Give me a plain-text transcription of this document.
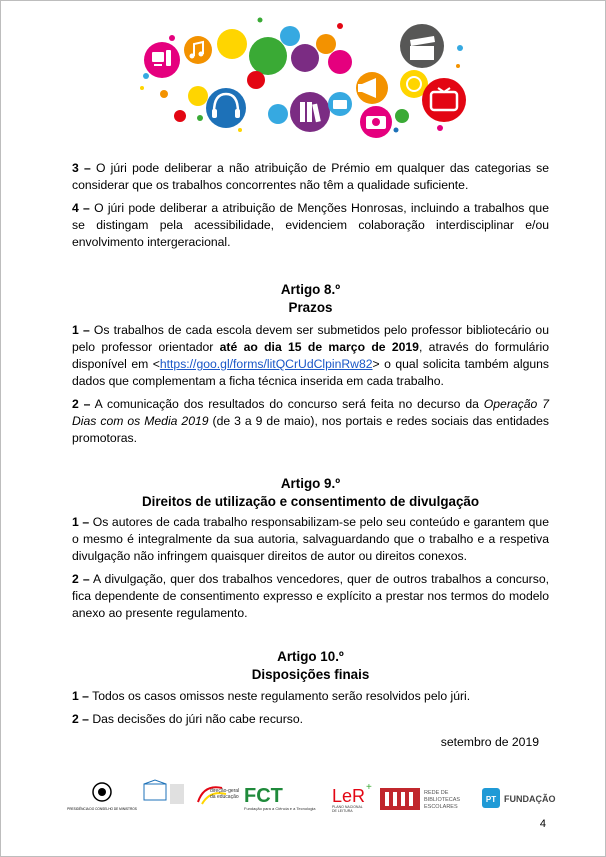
3 – O júri pode deliberar a não atribuição de Prémio em qualquer das categorias se considerar que os trabalhos concorrentes não têm a qualidade suficiente.

4 – O júri pode deliberar a atribuição de Menções Honrosas, incluindo a trabalhos que se distingam pela acessibilidade, evidenciem colaboração interdisciplinar e/ou envolvimento intergeracional.

Artigo 8.º
Prazos

1 – Os trabalhos de cada escola devem ser submetidos pelo professor bibliotecário ou pelo professor orientador até ao dia 15 de março de 2019, através do formulário disponível em <https://goo.gl/forms/litQCrUdClpinRw82> o qual solicita também alguns dados que complementam a ficha técnica inserida em cada trabalho.

2 – A comunicação dos resultados do concurso será feita no decurso da Operação 7 Dias com os Media 2019 (de 3 a 9 de maio), nos portais e redes sociais das entidades promotoras.

Artigo 9.º
Direitos de utilização e consentimento de divulgação

1 – Os autores de cada trabalho responsabilizam-se pelo seu conteúdo e garantem que o mesmo é integralmente da sua autoria, salvaguardando que o trabalho e a respetiva divulgação não infringem quaisquer direitos de autor ou direitos conexos.

2 – A divulgação, quer dos trabalhos vencedores, quer de outros trabalhos a concurso, fica dependente de consentimento expresso e explícito a prestar nos termos do modelo anexo ao presente regulamento.

Artigo 10.º
Disposições finais

1 – Todos os casos omissos neste regulamento serão resolvidos pelo júri.

2 – Das decisões do júri não cabe recurso.

setembro de 2019
PRESIDÊNCIA DO CONSELHO DE MINISTROS
direção-geral
da educação FCT
Fundação para a Ciência e a Tecnologia
LeR +
PLANO NACIONAL
DE LEITURA
REDE DE
BIBLIOTECAS
ESCOLARES
PT FUNDAÇÃO
4
